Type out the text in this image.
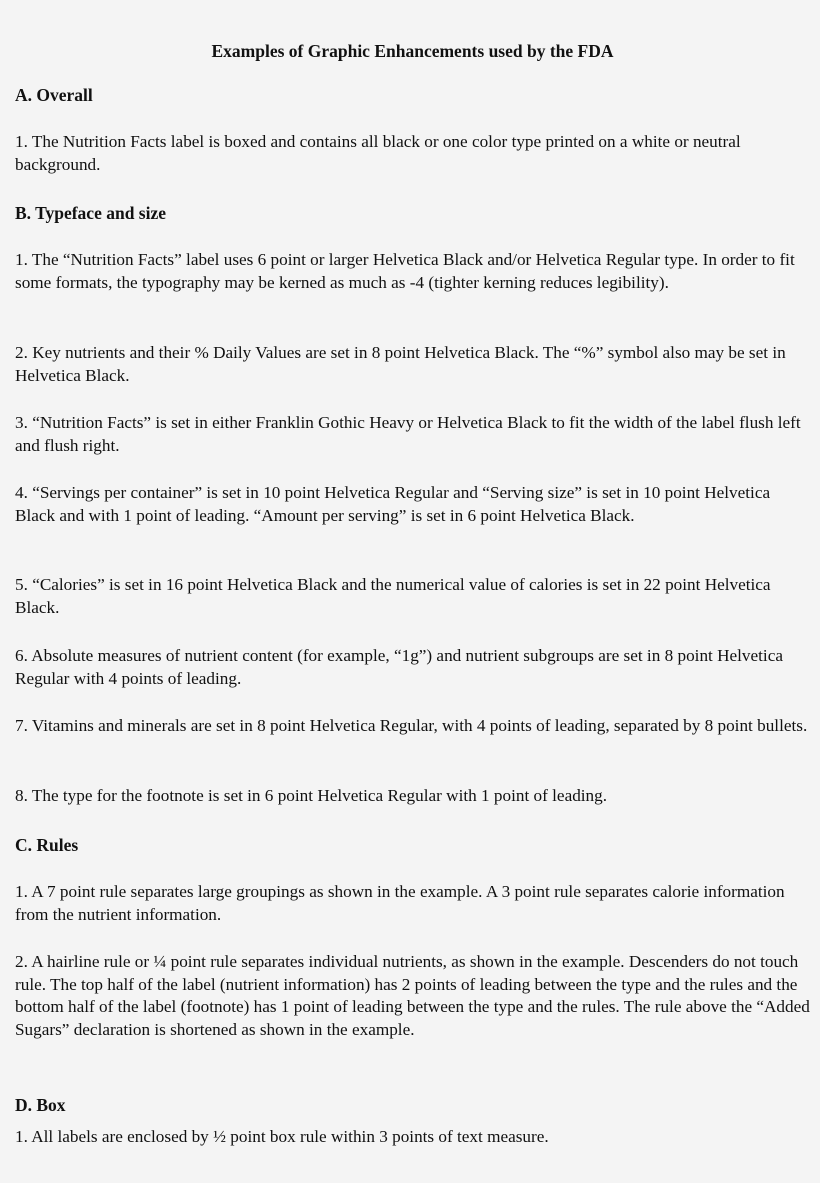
Examples of Graphic Enhancements used by the FDA
A. Overall

1. The Nutrition Facts label is boxed and contains all black or one color type printed on a white or neutral background.

B. Typeface and size

1. The “Nutrition Facts” label uses 6 point or larger Helvetica Black and/or Helvetica Regular type. In order to fit some formats, the typography may be kerned as much as -4 (tighter kerning reduces legibility).

2. Key nutrients and their % Daily Values are set in 8 point Helvetica Black. The “%” symbol also may be set in Helvetica Black.

3. “Nutrition Facts” is set in either Franklin Gothic Heavy or Helvetica Black to fit the width of the label flush left and flush right.

4. “Servings per container” is set in 10 point Helvetica Regular and “Serving size” is set in 10 point Helvetica Black and with 1 point of leading. “Amount per serving” is set in 6 point Helvetica Black.

5. “Calories” is set in 16 point Helvetica Black and the numerical value of calories is set in 22 point Helvetica Black.

6. Absolute measures of nutrient content (for example, “1g”) and nutrient subgroups are set in 8 point Helvetica Regular with 4 points of leading.

7. Vitamins and minerals are set in 8 point Helvetica Regular, with 4 points of leading, separated by 8 point bullets.

8. The type for the footnote is set in 6 point Helvetica Regular with 1 point of leading.

C. Rules

1. A 7 point rule separates large groupings as shown in the example. A 3 point rule separates calorie information from the nutrient information.

2. A hairline rule or ¼ point rule separates individual nutrients, as shown in the example. Descenders do not touch rule. The top half of the label (nutrient information) has 2 points of leading between the type and the rules and the bottom half of the label (footnote) has 1 point of leading between the type and the rules. The rule above the “Added Sugars” declaration is shortened as shown in the example.

D. Box

1. All labels are enclosed by ½ point box rule within 3 points of text measure.
